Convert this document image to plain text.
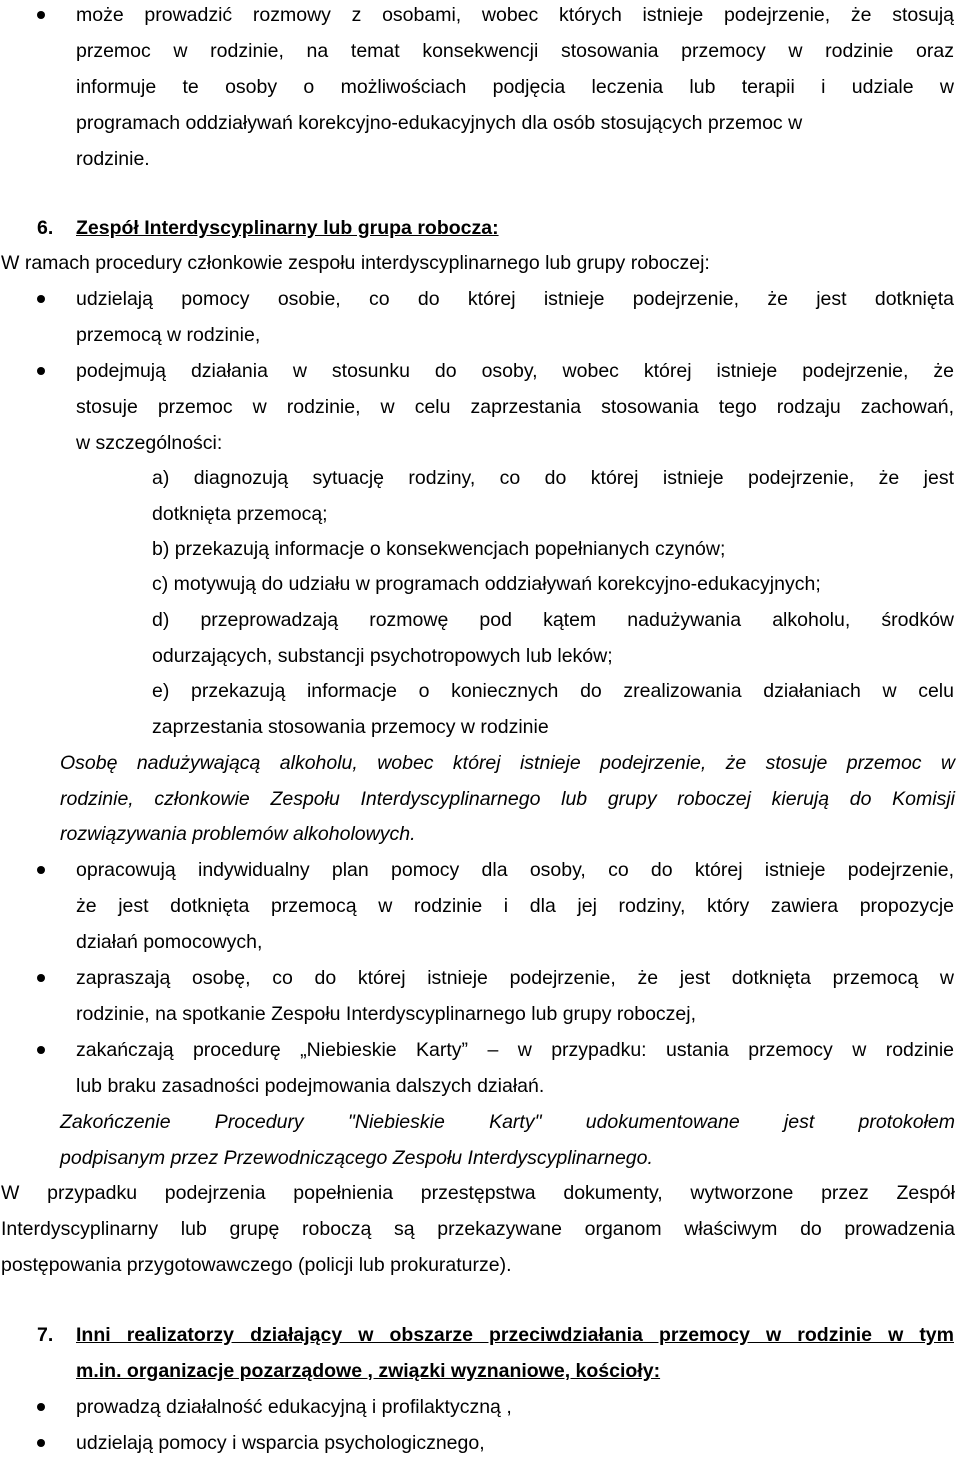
może prowadzić rozmowy z osobami, wobec których istnieje podejrzenie, że stosują
przemoc w rodzinie, na temat konsekwencji stosowania przemocy w rodzinie oraz
informuje te osoby o możliwościach podjęcia leczenia lub terapii i udziale w
programach oddziaływań korekcyjno-edukacyjnych dla osób stosujących przemoc w
rodzinie.
6. Zespół Interdyscyplinarny lub grupa robocza:
W ramach procedury członkowie zespołu interdyscyplinarnego lub grupy roboczej:
udzielają pomocy osobie, co do której istnieje podejrzenie, że jest dotknięta
przemocą w rodzinie,
podejmują działania w stosunku do osoby, wobec której istnieje podejrzenie, że
stosuje przemoc w rodzinie, w celu zaprzestania stosowania tego rodzaju zachowań,
w szczególności:
a) diagnozują sytuację rodziny, co do której istnieje podejrzenie, że jest
dotknięta przemocą;
b) przekazują informacje o konsekwencjach popełnianych czynów;
c) motywują do udziału w programach oddziaływań korekcyjno-edukacyjnych;
d) przeprowadzają rozmowę pod kątem nadużywania alkoholu, środków
odurzających, substancji psychotropowych lub leków;
e) przekazują informacje o koniecznych do zrealizowania działaniach w celu
zaprzestania stosowania przemocy w rodzinie
Osobę nadużywającą alkoholu, wobec której istnieje podejrzenie, że stosuje przemoc w
rodzinie, członkowie Zespołu Interdyscyplinarnego lub grupy roboczej kierują do Komisji
rozwiązywania problemów alkoholowych.
opracowują indywidualny plan pomocy dla osoby, co do której istnieje podejrzenie,
że jest dotknięta przemocą w rodzinie i dla jej rodziny, który zawiera propozycje
działań pomocowych,
zapraszają osobę, co do której istnieje podejrzenie, że jest dotknięta przemocą w
rodzinie, na spotkanie Zespołu Interdyscyplinarnego lub grupy roboczej,
zakańczają procedurę „Niebieskie Karty” – w przypadku: ustania przemocy w rodzinie
lub braku zasadności podejmowania dalszych działań.
Zakończenie Procedury "Niebieskie Karty" udokumentowane jest protokołem
podpisanym przez Przewodniczącego Zespołu Interdyscyplinarnego.
W przypadku podejrzenia popełnienia przestępstwa dokumenty, wytworzone przez Zespół
Interdyscyplinarny lub grupę roboczą są przekazywane organom właściwym do prowadzenia
postępowania przygotowawczego (policji lub prokuraturze).
7. Inni realizatorzy działający w obszarze przeciwdziałania przemocy w rodzinie w tym
m.in. organizacje pozarządowe , związki wyznaniowe, kościoły:
prowadzą działalność edukacyjną i profilaktyczną ,
udzielają pomocy i wsparcia psychologicznego,
